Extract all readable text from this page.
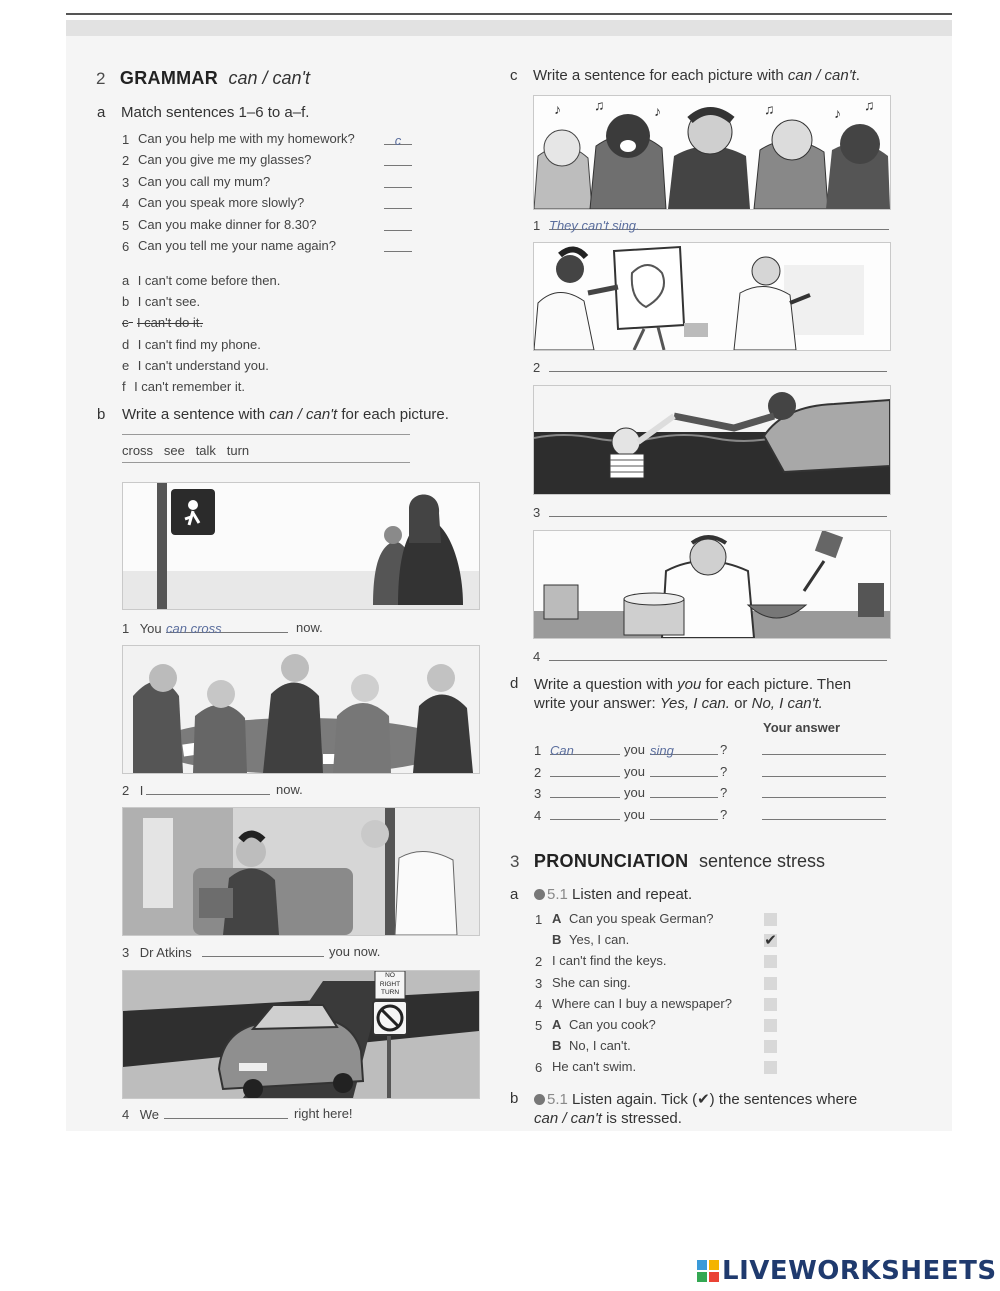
2 GRAMMAR can / can't
a Match sentences 1–6 to a–f.
1 Can you help me with my homework?	c
2 Can you give me my glasses?
3 Can you call my mum?
4 Can you speak more slowly?
5 Can you make dinner for 8.30?
6 Can you tell me your name again?
a I can't come before then.
b I can't see.
c I can't do it.
d I can't find my phone.
e I can't understand you.
f I can't remember it.
b Write a sentence with can / can't for each picture.
cross   see   talk   turn
1 You can cross	now.
2 I	now.
3 Dr Atkins	you now.
NO
RIGHT
TURN
4 We	right here!
c Write a sentence for each picture with can / can't.
♪ ♫	♪	♫	♪ ♫
1 They can't sing.
2
3
4
d Write a question with you for each picture. Then
write your answer: Yes, I can. or No, I can't.
Your answer
1 Can	you sing	?
2	you	?
3	you	?
4	you	?
3 PRONUNCIATION sentence stress
a	5.1 Listen and repeat.
1 A Can you speak German?
B Yes, I can.	✔
2 I can't find the keys.
3 She can sing.
4 Where can I buy a newspaper?
5 A Can you cook?
B No, I can't.
6 He can't swim.
b	5.1 Listen again. Tick (✔) the sentences where
can / can't is stressed.
LIVEWORKSHEETS
